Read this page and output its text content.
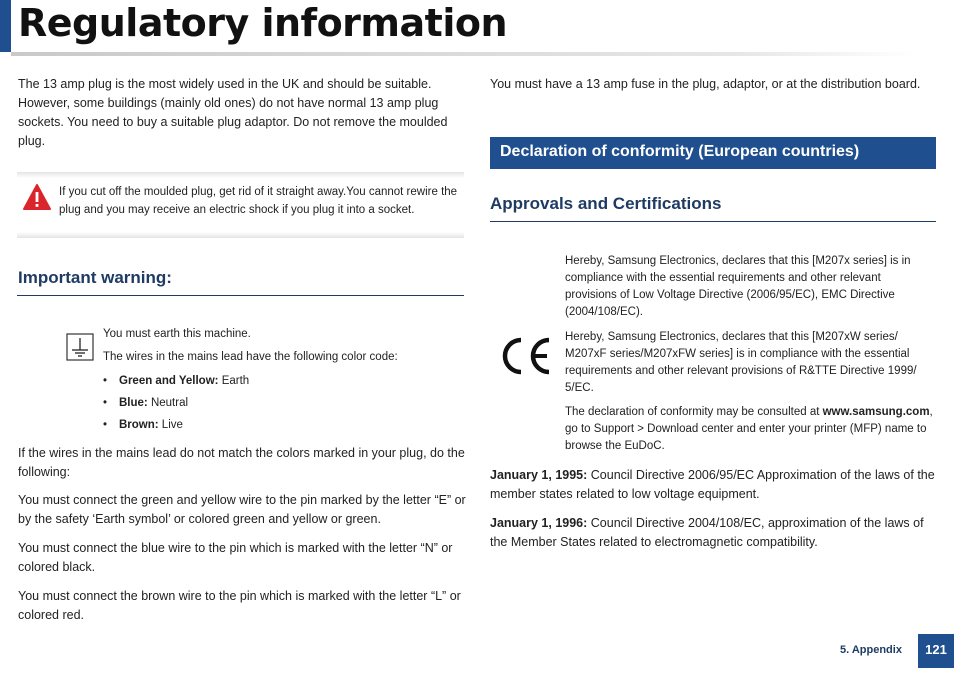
Regulatory information

The 13 amp plug is the most widely used in the UK and should be suitable. However, some buildings (mainly old ones) do not have normal 13 amp plug sockets. You need to buy a suitable plug adaptor. Do not remove the moulded plug.

If you cut off the moulded plug, get rid of it straight away.You cannot rewire the plug and you may receive an electric shock if you plug it into a socket.
Important warning:
You must earth this machine.
The wires in the mains lead have the following color code:
• Green and Yellow: Earth
• Blue: Neutral
• Brown: Live

If the wires in the mains lead do not match the colors marked in your plug, do the following:

You must connect the green and yellow wire to the pin marked by the letter “E” or by the safety ‘Earth symbol’ or colored green and yellow or green.

You must connect the blue wire to the pin which is marked with the letter “N” or colored black.

You must connect the brown wire to the pin which is marked with the letter “L” or colored red.

You must have a 13 amp fuse in the plug, adaptor, or at the distribution board.

Declaration of conformity (European countries)
Approvals and Certifications
Hereby, Samsung Electronics, declares that this [M207x series] is in compliance with the essential requirements and other relevant provisions of Low Voltage Directive (2006/95/EC), EMC Directive (2004/108/EC).
Hereby, Samsung Electronics, declares that this [M207xW series/ M207xF series/M207xFW series] is in compliance with the essential requirements and other relevant provisions of R&TTE Directive 1999/ 5/EC.
The declaration of conformity may be consulted at www.samsung.com, go to Support > Download center and enter your printer (MFP) name to browse the EuDoC.

January 1, 1995: Council Directive 2006/95/EC Approximation of the laws of the member states related to low voltage equipment.

January 1, 1996: Council Directive 2004/108/EC, approximation of the laws of the Member States related to electromagnetic compatibility.

5. Appendix	121
